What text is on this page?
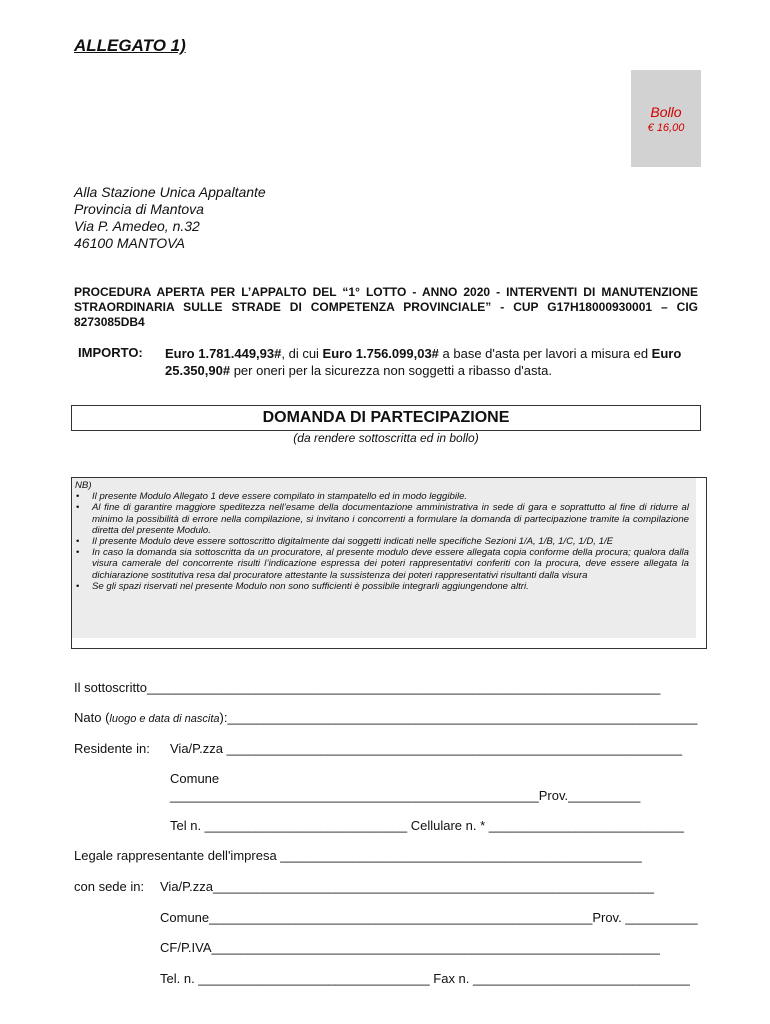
ALLEGATO 1)
Bollo
€ 16,00
Alla Stazione Unica Appaltante
Provincia di Mantova
Via P. Amedeo, n.32
46100 MANTOVA
PROCEDURA APERTA PER L’APPALTO DEL “1° LOTTO - ANNO 2020 - INTERVENTI DI MANUTENZIONE STRAORDINARIA SULLE STRADE DI COMPETENZA PROVINCIALE” - CUP G17H18000930001 – CIG 8273085DB4
IMPORTO: Euro 1.781.449,93#, di cui Euro 1.756.099,03# a base d'asta per lavori a misura ed Euro 25.350,90# per oneri per la sicurezza non soggetti a ribasso d'asta.
DOMANDA DI PARTECIPAZIONE
(da rendere sottoscritta ed in bollo)
NB)
• Il presente Modulo Allegato 1 deve essere compilato in stampatello ed in modo leggibile.
• Al fine di garantire maggiore speditezza nell’esame della documentazione amministrativa in sede di gara e soprattutto al fine di ridurre al minimo la possibilità di errore nella compilazione, si invitano i concorrenti a formulare la domanda di partecipazione tramite la compilazione diretta del presente Modulo.
• Il presente Modulo deve essere sottoscritto digitalmente dai soggetti indicati nelle specifiche Sezioni 1/A, 1/B, 1/C, 1/D, 1/E
• In caso la domanda sia sottoscritta da un procuratore, al presente modulo deve essere allegata copia conforme della procura; qualora dalla visura camerale del concorrente risulti l’indicazione espressa dei poteri rappresentativi conferiti con la procura, deve essere allegata la dichiarazione sostitutiva resa dal procuratore attestante la sussistenza dei poteri rappresentativi risultanti dalla visura
• Se gli spazi riservati nel presente Modulo non sono sufficienti è possibile integrarli aggiungendone altri.
Il sottoscritto_______________________________________________________________________
Nato (luogo e data di nascita):_________________________________________________________________
Residente in: Via/P.zza _______________________________________________________________
Comune
___________________________________________________Prov.__________
Tel n. ____________________________ Cellulare n. * ___________________________
Legale rappresentante dell'impresa __________________________________________________
con sede in: Via/P.zza_____________________________________________________________
Comune_____________________________________________________Prov. __________
CF/P.IVA______________________________________________________________
Tel. n. ________________________________ Fax n. ______________________________
